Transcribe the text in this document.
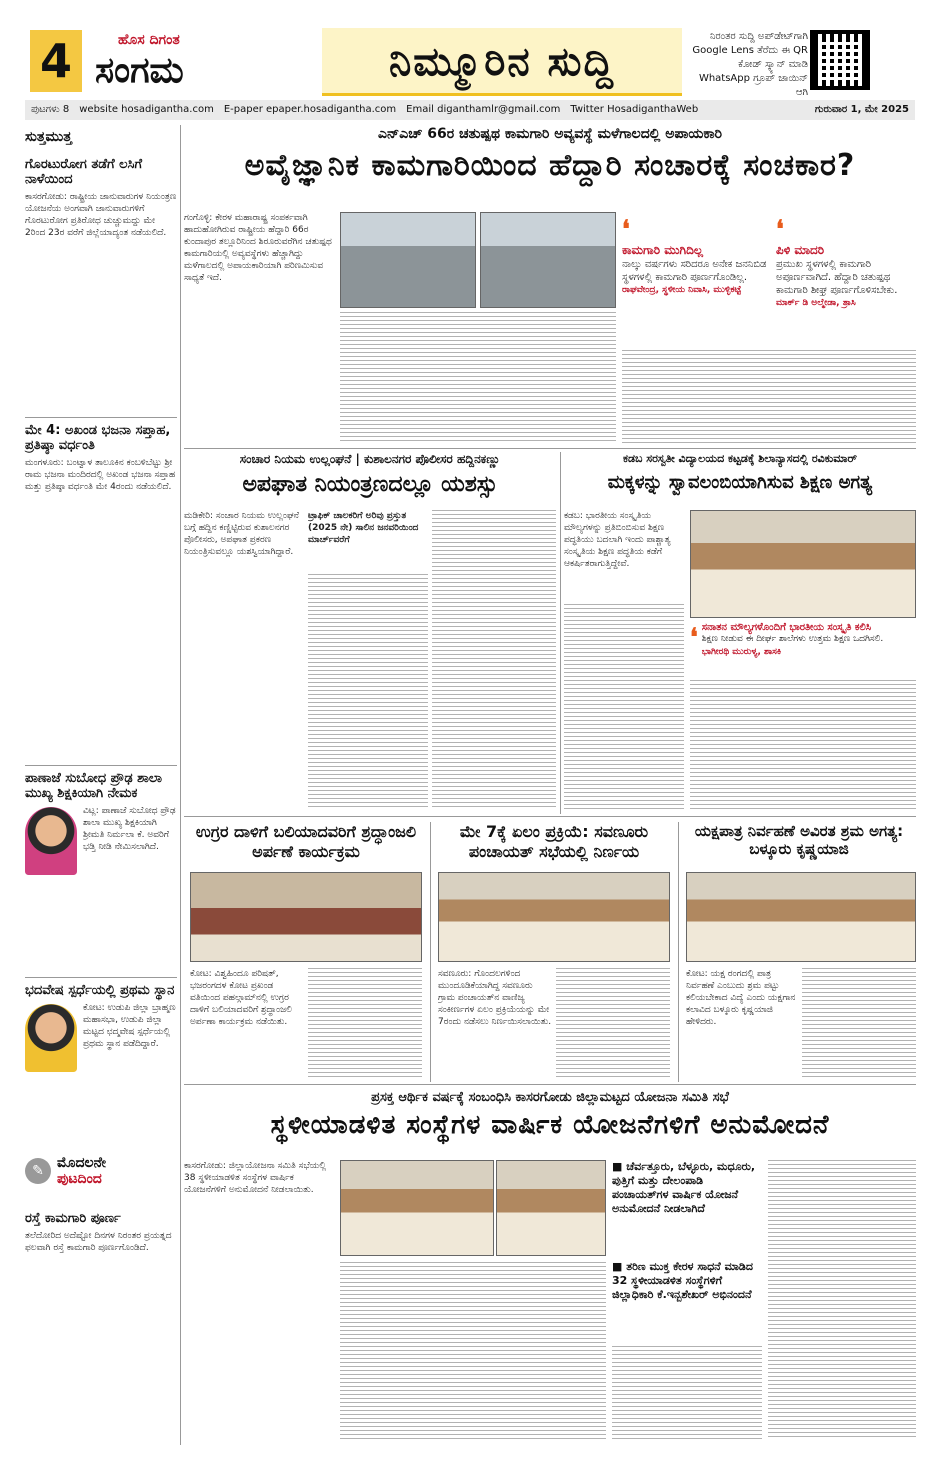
4	ಹೊಸ ದಿಗಂತ
ಸಂಗಮ	ನಿಮ್ಮೂರಿನ ಸುದ್ದಿ
ನಿರಂತರ ಸುದ್ದಿ ಅಪ್‌ಡೇಟ್‌ಗಾಗಿ Google Lens ತೆರೆದು ಈ QR ಕೋಡ್ ಸ್ಕ್ಯಾನ್ ಮಾಡಿ WhatsApp ಗ್ರೂಪ್ ಜಾಯಿನ್ ಆಗಿ
ಪುಟಗಳು 8 website hosadigantha.com E-paper epaper.hosadigantha.com Email diganthamlr@gmail.com Twitter HosadiganthaWeb	ಗುರುವಾರ 1, ಮೇ 2025
ಸುತ್ತಮುತ್ತ
ಗೊರಟುರೋಗ ತಡೆಗೆ ಲಸಿಗೆ ನಾಳೆಯಿಂದ
ಕಾಸರಗೋಡು: ರಾಷ್ಟ್ರೀಯ ಜಾನುವಾರುಗಳ ನಿಯಂತ್ರಣ ಯೋಜನೆಯ ಅಂಗವಾಗಿ ಜಾನುವಾರುಗಳಿಗೆ ಗೊರಟುರೋಗ ಪ್ರತಿರೋಧ ಚುಚ್ಚುಮದ್ದು ಮೇ 2ರಿಂದ 23ರ ವರೆಗೆ ಜಿಲ್ಲೆಯಾದ್ಯಂತ ನಡೆಯಲಿದೆ.
ಮೇ 4: ಅಖಂಡ ಭಜನಾ ಸಪ್ತಾಹ, ಪ್ರತಿಷ್ಠಾ ವರ್ಧಂತಿ
ಮಂಗಳೂರು: ಬಂಟ್ವಾಳ ತಾಲೂಕಿನ ಕಂಬಳಿಬೆಟ್ಟು ಶ್ರೀ ರಾಮ ಭಜನಾ ಮಂದಿರದಲ್ಲಿ ಅಖಂಡ ಭಜನಾ ಸಪ್ತಾಹ ಮತ್ತು ಪ್ರತಿಷ್ಠಾ ವರ್ಧಂತಿ ಮೇ 4ರಂದು ನಡೆಯಲಿದೆ.
ಪಾಣಾಜೆ ಸುಬೋಧ ಪ್ರೌಢ ಶಾಲಾ ಮುಖ್ಯ ಶಿಕ್ಷಕಿಯಾಗಿ ನೇಮಕ
ವಿಟ್ಲ: ಪಾಣಾಜೆ ಸುಬೋಧ ಪ್ರೌಢ ಶಾಲಾ ಮುಖ್ಯ ಶಿಕ್ಷಕಿಯಾಗಿ ಶ್ರೀಮತಿ ನಿರ್ಮಲಾ ಕೆ. ಅವರಿಗೆ ಭಡ್ತಿ ನೀಡಿ ನೇಮಿಸಲಾಗಿದೆ.
ಭದವೇಷ ಸ್ಪರ್ಧೆಯಲ್ಲಿ ಪ್ರಥಮ ಸ್ಥಾನ
ಕೋಟ: ಉಡುಪಿ ಜಿಲ್ಲಾ ಬ್ರಾಹ್ಮಣ ಮಹಾಸಭಾ, ಉಡುಪಿ ಜಿಲ್ಲಾ ಮಟ್ಟದ ಛದ್ಮವೇಷ ಸ್ಪರ್ಧೆಯಲ್ಲಿ ಪ್ರಥಮ ಸ್ಥಾನ ಪಡೆದಿದ್ದಾರೆ.
✎ ಮೊದಲನೇ
ಪುಟದಿಂದ
ರಸ್ತೆ ಕಾಮಗಾರಿ ಪೂರ್ಣ
ತಲೆದೋರಿದ ಅದೆಷ್ಟೋ ದಿನಗಳ ನಿರಂತರ ಪ್ರಯತ್ನದ ಫಲವಾಗಿ ರಸ್ತೆ ಕಾಮಗಾರಿ ಪೂರ್ಣಗೊಂಡಿದೆ.
ಎನ್‌ಎಚ್ 66ರ ಚತುಷ್ಪಥ ಕಾಮಗಾರಿ ಅವ್ಯವಸ್ಥೆ ಮಳೆಗಾಲದಲ್ಲಿ ಅಪಾಯಕಾರಿ
ಅವೈಜ್ಞಾನಿಕ ಕಾಮಗಾರಿಯಿಂದ ಹೆದ್ದಾರಿ ಸಂಚಾರಕ್ಕೆ ಸಂಚಕಾರ?
ಗಂಗೊಳ್ಳಿ: ಕೇರಳ ಮಹಾರಾಷ್ಟ್ರ ಸಂಪರ್ಕವಾಗಿ ಹಾದುಹೋಗಿರುವ ರಾಷ್ಟ್ರೀಯ ಹೆದ್ದಾರಿ 66ರ ಕುಂದಾಪುರ ತಲ್ಲೂರಿನಿಂದ ಶಿರೂರುವರೆಗಿನ ಚತುಷ್ಪಥ ಕಾಮಗಾರಿಯಲ್ಲಿ ಅವ್ಯವಸ್ಥೆಗಳು ಹೆಚ್ಚಾಗಿದ್ದು ಮಳೆಗಾಲದಲ್ಲಿ ಅಪಾಯಕಾರಿಯಾಗಿ ಪರಿಣಮಿಸುವ ಸಾಧ್ಯತೆ ಇದೆ.
❛
ಕಾಮಗಾರಿ ಮುಗಿದಿಲ್ಲ
ನಾಲ್ಕು ವರ್ಷಗಳು ಸರಿದರೂ ಅನೇಕ ಜನನಿಬಿಡ ಸ್ಥಳಗಳಲ್ಲಿ ಕಾಮಗಾರಿ ಪೂರ್ಣಗೊಂಡಿಲ್ಲ.
ರಾಘವೇಂದ್ರ, ಸ್ಥಳೀಯ ನಿವಾಸಿ, ಮುಳ್ಳಿಕಟ್ಟೆ
❛
ಪಿಳಿ ಮಾದರಿ
ಪ್ರಮುಖ ಸ್ಥಳಗಳಲ್ಲಿ ಕಾಮಗಾರಿ ಅಪೂರ್ಣವಾಗಿದೆ. ಹೆದ್ದಾರಿ ಚತುಷ್ಪಥ ಕಾಮಗಾರಿ ಶೀಘ್ರ ಪೂರ್ಣಗೊಳಿಸಬೇಕು.
ಮಾರ್ಕ್ ಡಿ ಅಲ್ಮೇಡಾ, ತ್ರಾಸಿ
ಸಂಚಾರ ನಿಯಮ ಉಲ್ಲಂಘನೆ | ಕುಶಾಲನಗರ ಪೊಲೀಸರ ಹದ್ದಿನಕಣ್ಣು
ಅಪಘಾತ ನಿಯಂತ್ರಣದಲ್ಲೂ ಯಶಸ್ಸು
ಮಡಿಕೇರಿ: ಸಂಚಾರ ನಿಯಮ ಉಲ್ಲಂಘನೆ ಬಗ್ಗೆ ಹದ್ದಿನ ಕಣ್ಣಿಟ್ಟಿರುವ ಕುಶಾಲನಗರ ಪೊಲೀಸರು, ಅಪಘಾತ ಪ್ರಕರಣ ನಿಯಂತ್ರಿಸುವಲ್ಲೂ ಯಶಸ್ವಿಯಾಗಿದ್ದಾರೆ.
ಟ್ರಾಫಿಕ್ ಚಾಲಕರಿಗೆ ಅರಿವು ಪ್ರಸ್ತುತ (2025 ನೇ) ಸಾಲಿನ ಜನವರಿಯಿಂದ ಮಾರ್ಚ್‌ವರೆಗೆ
ಕಡಬ ಸರಸ್ವತೀ ವಿದ್ಯಾಲಯದ ಕಟ್ಟಡಕ್ಕೆ ಶಿಲಾನ್ಯಾಸದಲ್ಲಿ ರವಿಕುಮಾರ್
ಮಕ್ಕಳನ್ನು ಸ್ವಾವಲಂಬಿಯಾಗಿಸುವ ಶಿಕ್ಷಣ ಅಗತ್ಯ
ಕಡಬ: ಭಾರತೀಯ ಸಂಸ್ಕೃತಿಯ ಮೌಲ್ಯಗಳನ್ನು ಪ್ರತಿಬಿಂಬಿಸುವ ಶಿಕ್ಷಣ ಪದ್ಧತಿಯು ಬದಲಾಗಿ ಇಂದು ಪಾಶ್ಚಾತ್ಯ ಸಂಸ್ಕೃತಿಯ ಶಿಕ್ಷಣ ಪದ್ಧತಿಯ ಕಡೆಗೆ ಆಕರ್ಷಿತರಾಗುತ್ತಿದ್ದೇವೆ.
❛ ಸನಾತನ ಮೌಲ್ಯಗಳೊಂದಿಗೆ ಭಾರತೀಯ ಸಂಸ್ಕೃತಿ ಕಲಿಸಿ
ಶಿಕ್ಷಣ ನೀಡುವ ಈ ದೀರ್ಘ ಶಾಲೆಗಳು ಉತ್ತಮ ಶಿಕ್ಷಣ ಒದಗಿಸಲಿ.
ಭಾಗೀರಥಿ ಮುರುಳ್ಯ, ಶಾಸಕಿ
ಉಗ್ರರ ದಾಳಿಗೆ ಬಲಿಯಾದವರಿಗೆ ಶ್ರದ್ಧಾಂಜಲಿ ಅರ್ಪಣೆ ಕಾರ್ಯಕ್ರಮ
ಕೋಟ: ವಿಶ್ವಹಿಂದೂ ಪರಿಷತ್, ಭಜರಂಗದಳ ಕೋಟ ಪ್ರಖಂಡ ವತಿಯಿಂದ ಪಹಲ್ಗಾಮ್‌ನಲ್ಲಿ ಉಗ್ರರ ದಾಳಿಗೆ ಬಲಿಯಾದವರಿಗೆ ಶ್ರದ್ಧಾಂಜಲಿ ಅರ್ಪಣಾ ಕಾರ್ಯಕ್ರಮ ನಡೆಯಿತು.
ಮೇ 7ಕ್ಕೆ ಏಲಂ ಪ್ರಕ್ರಿಯೆ: ಸವಣೂರು ಪಂಚಾಯತ್ ಸಭೆಯಲ್ಲಿ ನಿರ್ಣಯ
ಸವಣೂರು: ಗೊಂದಲಗಳಿಂದ ಮುಂದೂಡಿಕೆಯಾಗಿದ್ದ ಸವಣೂರು ಗ್ರಾಮ ಪಂಚಾಯತ್‌ನ ವಾಣಿಜ್ಯ ಸಂಕೀರ್ಣಗಳ ಏಲಂ ಪ್ರಕ್ರಿಯೆಯನ್ನು ಮೇ 7ರಂದು ನಡೆಸಲು ನಿರ್ಣಯಿಸಲಾಯಿತು.
ಯಕ್ಷಪಾತ್ರ ನಿರ್ವಹಣೆ ಅವಿರತ ಶ್ರಮ ಅಗತ್ಯ: ಬಳ್ಕೂರು ಕೃಷ್ಣಯಾಜಿ
ಕೋಟ: ಯಕ್ಷ ರಂಗದಲ್ಲಿ ಪಾತ್ರ ನಿರ್ವಹಣೆ ಎಂಬುದು ಶ್ರಮ ಪಟ್ಟು ಕಲಿಯಬೇಕಾದ ವಿದ್ಯೆ ಎಂದು ಯಕ್ಷಗಾನ ಕಲಾವಿದ ಬಳ್ಕೂರು ಕೃಷ್ಣಯಾಜಿ ಹೇಳಿದರು.
ಪ್ರಸಕ್ತ ಆರ್ಥಿಕ ವರ್ಷಕ್ಕೆ ಸಂಬಂಧಿಸಿ ಕಾಸರಗೋಡು ಜಿಲ್ಲಾಮಟ್ಟದ ಯೋಜನಾ ಸಮಿತಿ ಸಭೆ
ಸ್ಥಳೀಯಾಡಳಿತ ಸಂಸ್ಥೆಗಳ ವಾರ್ಷಿಕ ಯೋಜನೆಗಳಿಗೆ ಅನುಮೋದನೆ
ಕಾಸರಗೋಡು: ಜಿಲ್ಲಾಯೋಜನಾ ಸಮಿತಿ ಸಭೆಯಲ್ಲಿ 38 ಸ್ಥಳೀಯಾಡಳಿತ ಸಂಸ್ಥೆಗಳ ವಾರ್ಷಿಕ ಯೋಜನೆಗಳಿಗೆ ಅನುಮೋದನೆ ನೀಡಲಾಯಿತು.
■ ಚೆರ್ವತ್ತೂರು, ಬೆಳ್ಳೂರು, ಮಧೂರು, ಪುತ್ತಿಗೆ ಮತ್ತು ದೇಲಂಪಾಡಿ ಪಂಚಾಯತ್‌ಗಳ ವಾರ್ಷಿಕ ಯೋಜನೆ ಅನುಮೋದನೆ ನೀಡಲಾಗಿದೆ
■ ತರಿಣ ಮುಕ್ತ ಕೇರಳ ಸಾಧನೆ ಮಾಡಿದ 32 ಸ್ಥಳೀಯಾಡಳಿತ ಸಂಸ್ಥೆಗಳಿಗೆ ಜಿಲ್ಲಾಧಿಕಾರಿ ಕೆ.ಇನ್ಬಶೇಖರ್ ಅಭಿನಂದನೆ
